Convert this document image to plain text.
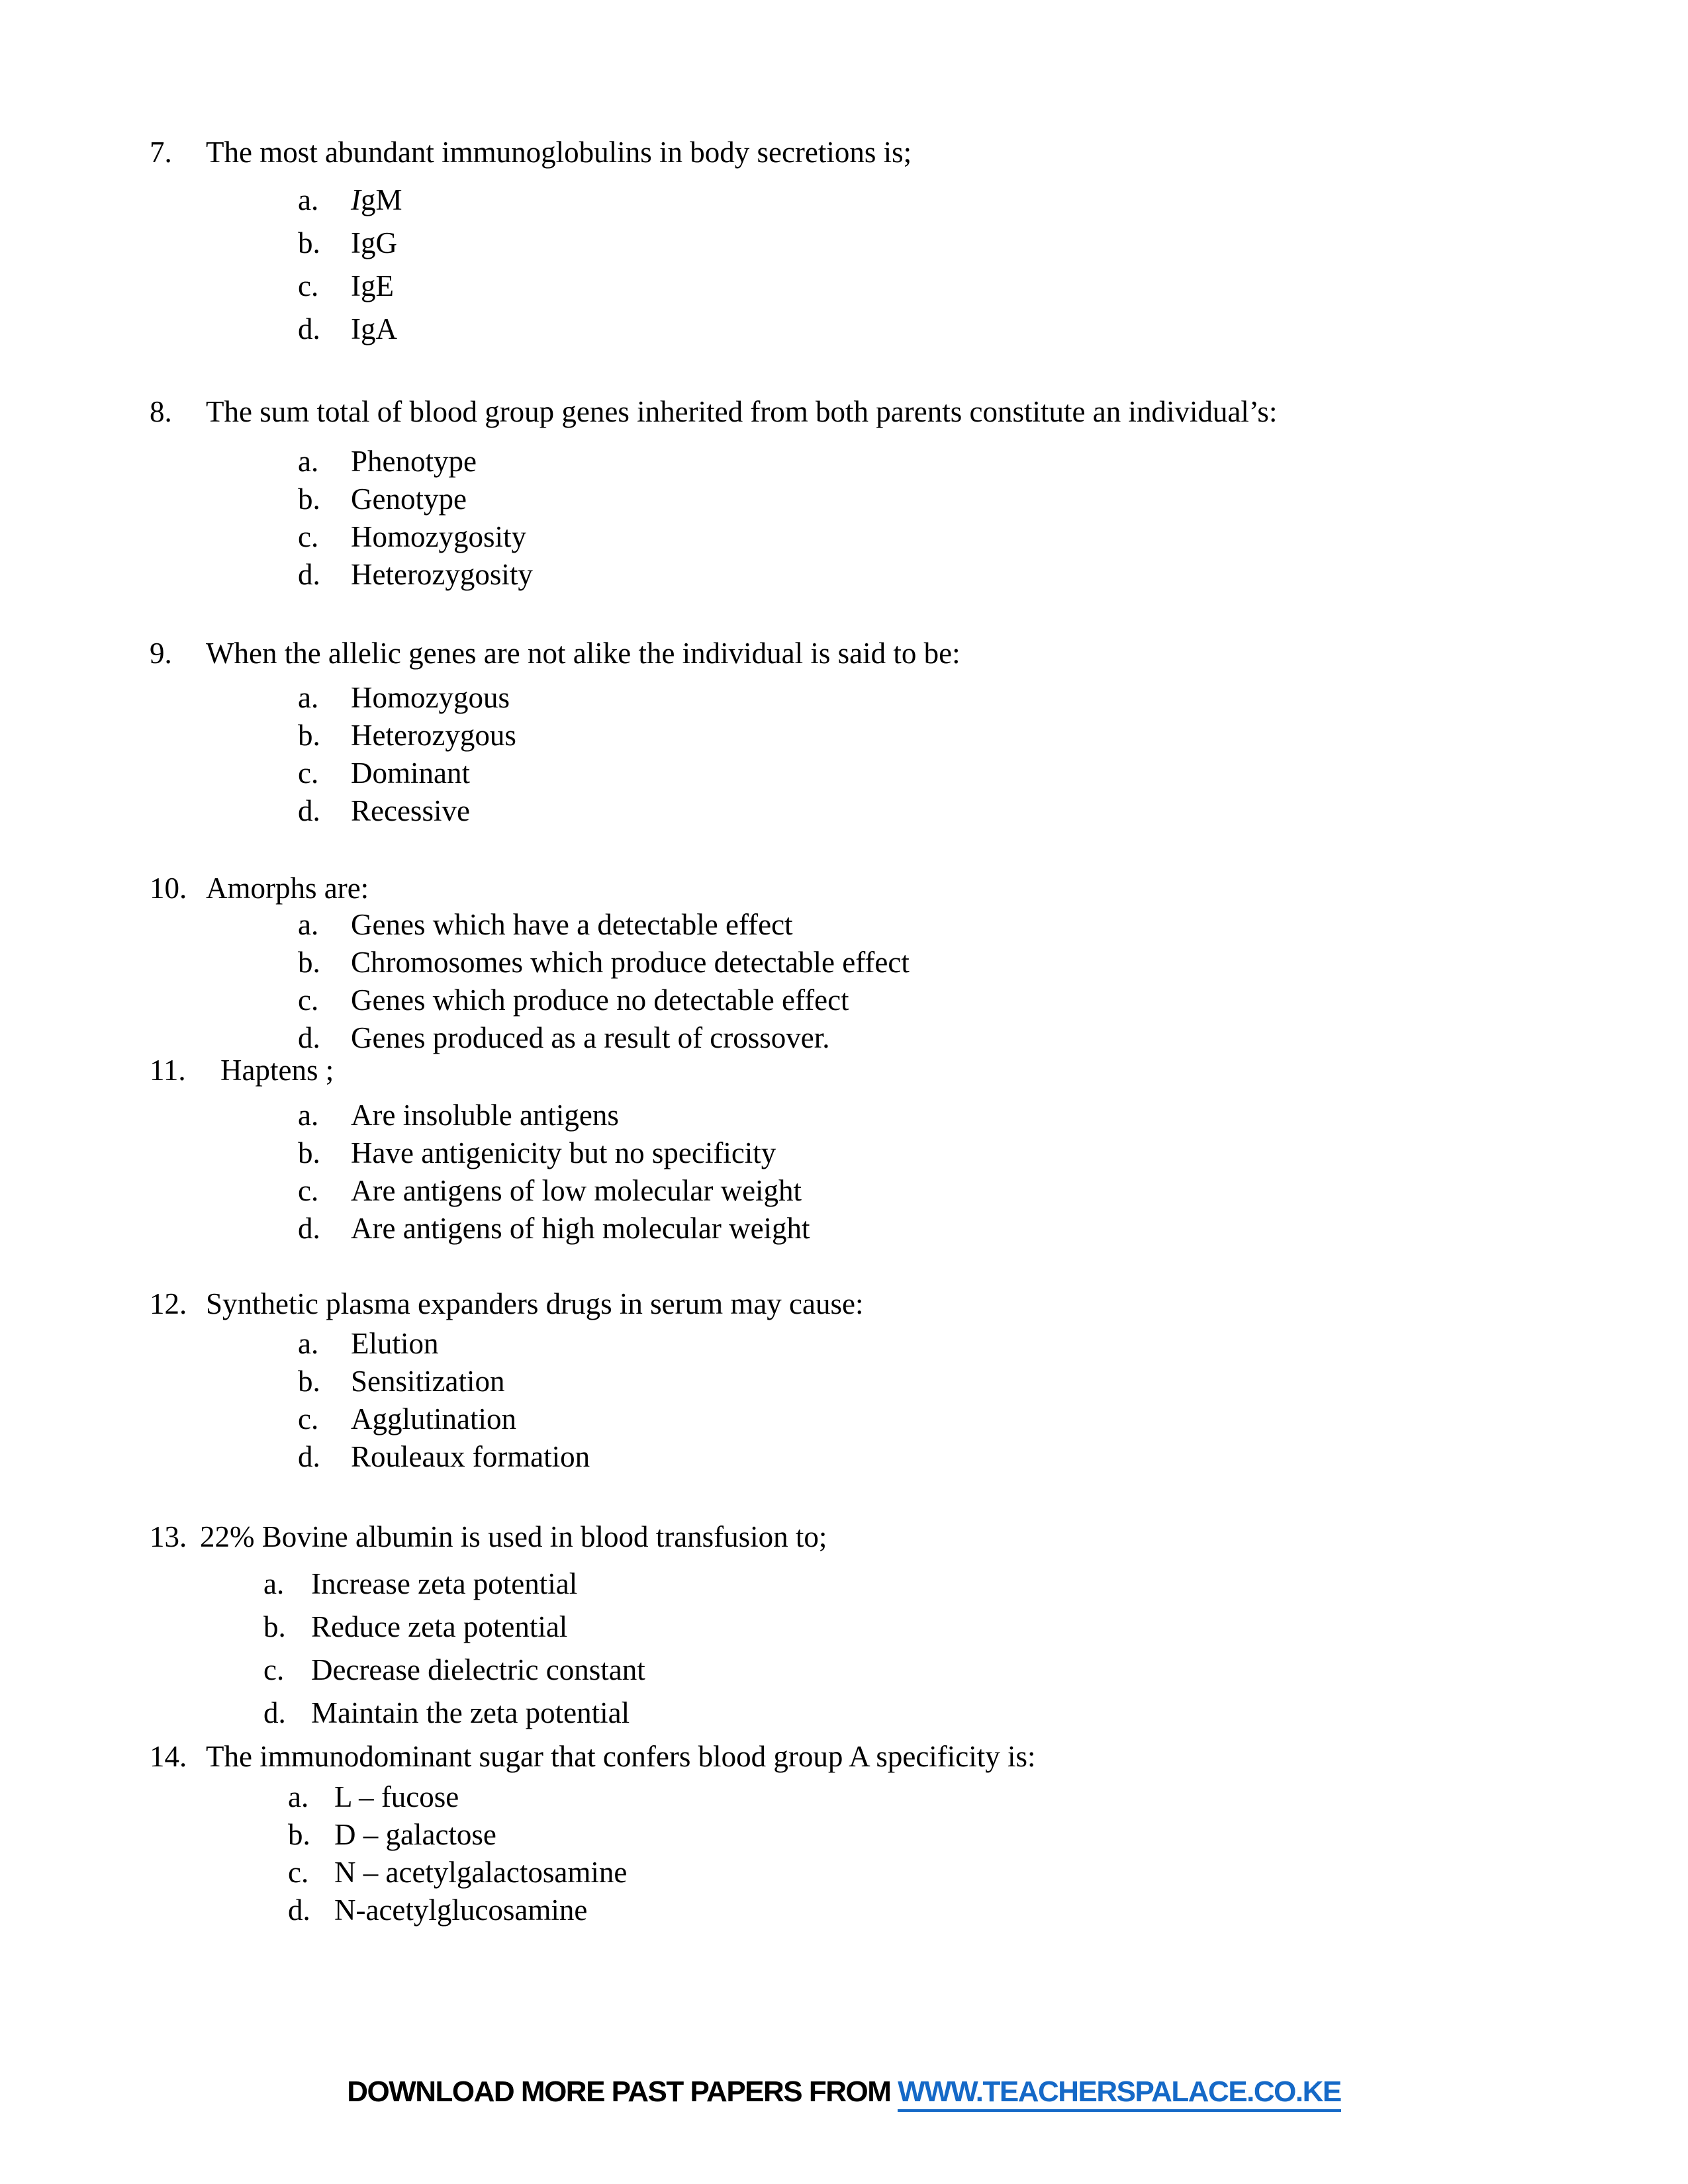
7. The most abundant immunoglobulins in body secretions is;
a. IgM
b. IgG
c. IgE
d. IgA
8. The sum total of blood group genes inherited from both parents constitute an individual’s:
a. Phenotype
b. Genotype
c. Homozygosity
d. Heterozygosity
9. When the allelic genes are not alike the individual is said to be:
a. Homozygous
b. Heterozygous
c. Dominant
d. Recessive
10. Amorphs are:
a. Genes which have a detectable effect
b. Chromosomes which produce detectable effect
c. Genes which produce no detectable effect
d. Genes produced as a result of crossover.
11. Haptens ;
a. Are insoluble antigens
b. Have antigenicity but no specificity
c. Are antigens of low molecular weight
d. Are antigens of high molecular weight
12. Synthetic plasma expanders drugs in serum may cause:
a. Elution
b. Sensitization
c. Agglutination
d. Rouleaux formation
13. 22% Bovine albumin is used in blood transfusion to;
a. Increase zeta potential
b. Reduce zeta potential
c. Decrease dielectric constant
d. Maintain the zeta potential
14. The immunodominant sugar that confers blood group A specificity is:
a. L – fucose
b. D – galactose
c. N – acetylgalactosamine
d. N-acetylglucosamine
DOWNLOAD MORE PAST PAPERS FROM WWW.TEACHERSPALACE.CO.KE
